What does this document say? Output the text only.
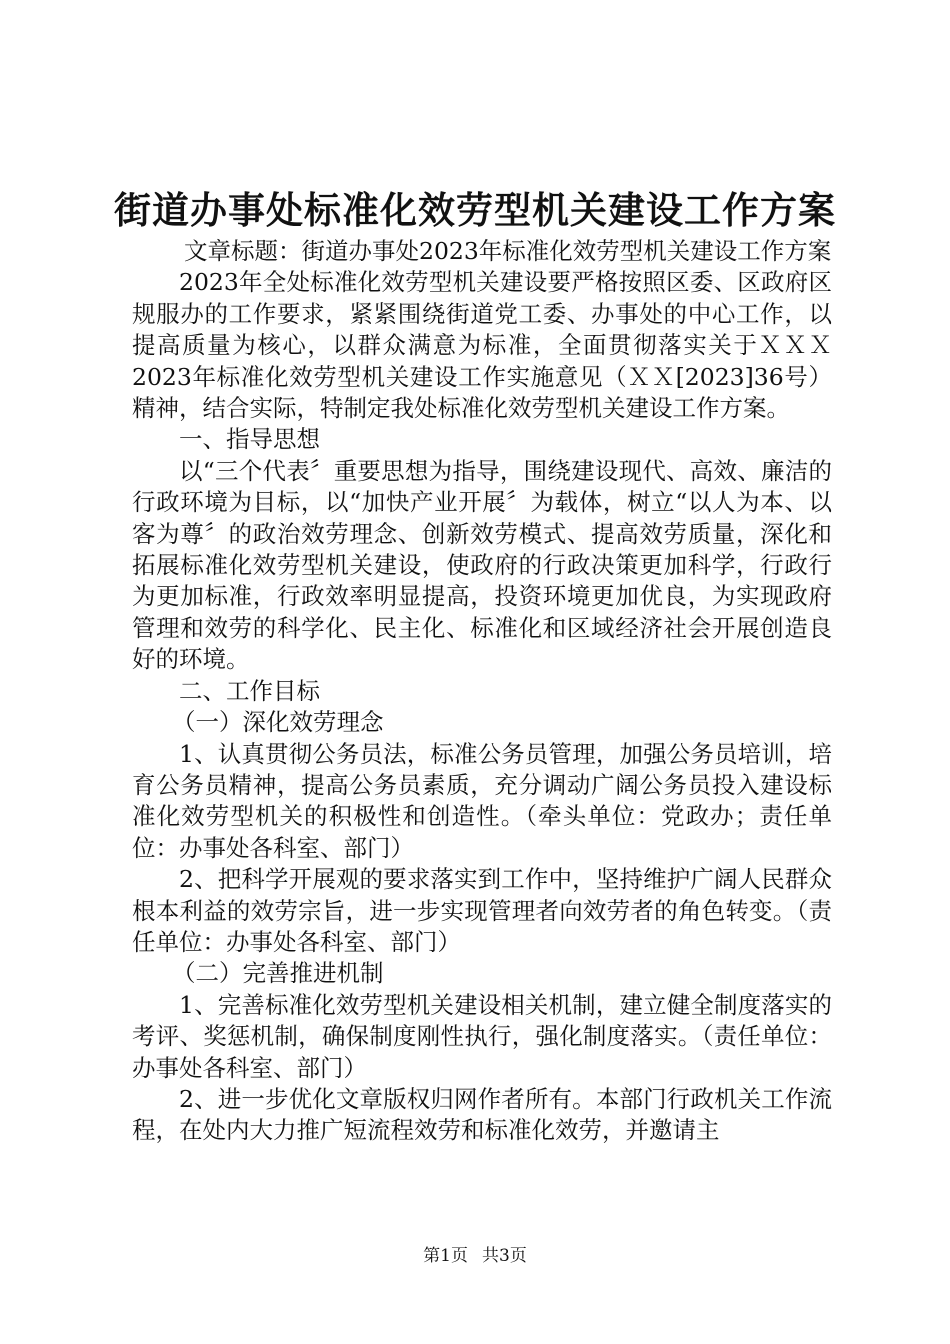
街道办事处标准化效劳型机关建设工作方案

文章标题：街道办事处2023年标准化效劳型机关建设工作方案

2023年全处标准化效劳型机关建设要严格按照区委、区政府区规服办的工作要求，紧紧围绕街道党工委、办事处的中心工作，以提高质量为核心，以群众满意为标准，全面贯彻落实关于ＸＸＸ2023年标准化效劳型机关建设工作实施意见（ＸＸ[2023]36号）精神，结合实际，特制定我处标准化效劳型机关建设工作方案。

一、指导思想

以“三个代表〞重要思想为指导，围绕建设现代、高效、廉洁的行政环境为目标，以“加快产业开展〞为载体，树立“以人为本、以客为尊〞的政治效劳理念、创新效劳模式、提高效劳质量，深化和拓展标准化效劳型机关建设，使政府的行政决策更加科学，行政行为更加标准，行政效率明显提高，投资环境更加优良，为实现政府管理和效劳的科学化、民主化、标准化和区域经济社会开展创造良好的环境。

二、工作目标

（一）深化效劳理念

1、认真贯彻公务员法，标准公务员管理，加强公务员培训，培育公务员精神，提高公务员素质，充分调动广阔公务员投入建设标准化效劳型机关的积极性和创造性。（牵头单位：党政办；责任单位：办事处各科室、部门）

2、把科学开展观的要求落实到工作中，坚持维护广阔人民群众根本利益的效劳宗旨，进一步实现管理者向效劳者的角色转变。（责任单位：办事处各科室、部门）

（二）完善推进机制

1、完善标准化效劳型机关建设相关机制，建立健全制度落实的考评、奖惩机制，确保制度刚性执行，强化制度落实。（责任单位：办事处各科室、部门）

2、进一步优化文章版权归网作者所有。本部门行政机关工作流程，在处内大力推广短流程效劳和标准化效劳，并邀请主

第1页 共3页
